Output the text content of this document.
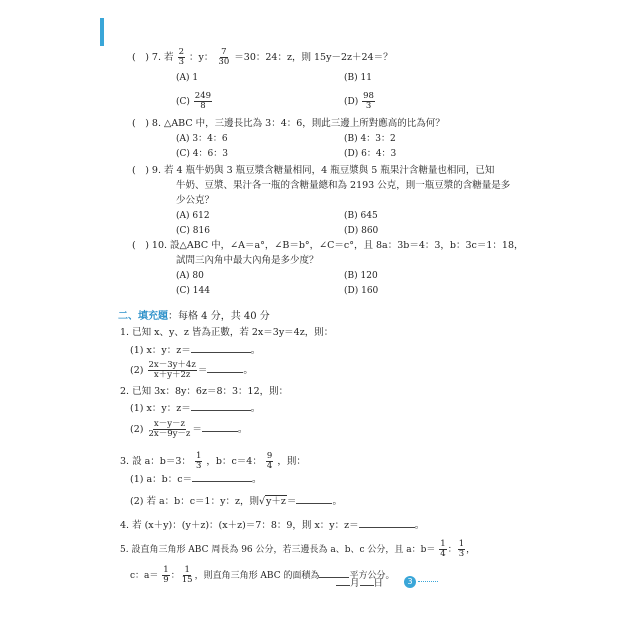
(　) 7. 若 $\frac{2}{3}$ ：y： $\frac{7}{30} =30$：24：z，則 15y－2z＋24＝？
(A) 1	(B) 11
$(C) \frac{249}{8}$	$(D) \frac{98}{3}$
(　) 8. △ABC 中，三邊長比為 3：4：6，則此三邊上所對應高的比為何？
(A) 3：4：6	(B) 4：3：2
(C) 4：6：3	(D) 6：4：3
(　) 9. 若 4 瓶牛奶與 3 瓶豆漿含糖量相同，4 瓶豆漿與 5 瓶果汁含糖量也相同，已知
牛奶、豆漿、果汁各一瓶的含糖量總和為 2193 公克，則一瓶豆漿的含糖量是多
少公克？
(A) 612	(B) 645
(C) 816	(D) 860
(　) 10. 設△ABC 中，∠A＝a°，∠B＝b°，∠C＝c°，且 8a：3b＝4：3，b：3c＝1：18，
試問三內角中最大內角是多少度？
(A) 80	(B) 120
(C) 144	(D) 160
二、填充題：每格 4 分，共 40 分
1. 已知 x、y、z 皆為正數，若 2x＝3y＝4z，則：
(1) x：y：z＝	。
$(2) \frac{2x-3y+4z}{x+y+2z}$ ＝	。
2. 已知 3x：8y：6z＝8：3：12，則：
(1) x：y：z＝	。
$(2) \frac{x-y-z}{2x-9y-z}$ ＝	。
3. 設 a：b＝3： $\frac{1}{3}$ ，b：c＝4： $\frac{9}{4}$ ，則：
(1) a：b：c＝	。
(2) 若 a：b：c＝1：y：z，則√y＋z＝	。
4. 若 (x＋y)：(y＋z)：(x＋z)＝7：8：9，則 x：y：z＝	。
5. 設直角三角形 ABC 周長為 96 公分，若三邊長為 a、b、c 公分，且 a：$b= \frac{1}{4}$ ： $\frac{1}{3}$ ，
c：$a= \frac{1}{9}$ ： $\frac{1}{15}$ ，則直角三角形 ABC 的面積為	平方公分。
月 日	3
